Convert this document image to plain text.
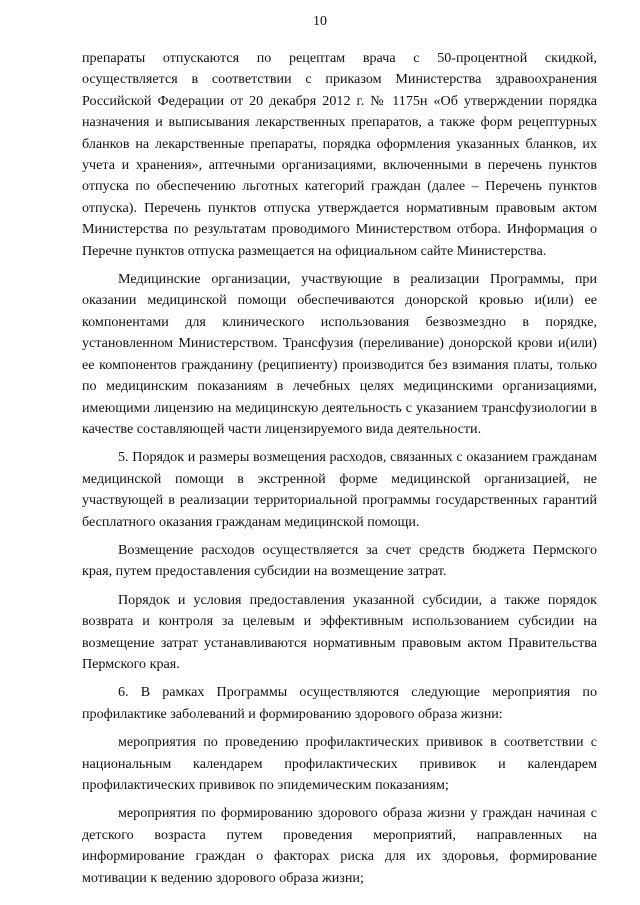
10

препараты отпускаются по рецептам врача с 50-процентной скидкой, осуществляется в соответствии с приказом Министерства здравоохранения Российской Федерации от 20 декабря 2012 г. № 1175н «Об утверждении порядка назначения и выписывания лекарственных препаратов, а также форм рецептурных бланков на лекарственные препараты, порядка оформления указанных бланков, их учета и хранения», аптечными организациями, включенными в перечень пунктов отпуска по обеспечению льготных категорий граждан (далее – Перечень пунктов отпуска). Перечень пунктов отпуска утверждается нормативным правовым актом Министерства по результатам проводимого Министерством отбора. Информация о Перечне пунктов отпуска размещается на официальном сайте Министерства.

Медицинские организации, участвующие в реализации Программы, при оказании медицинской помощи обеспечиваются донорской кровью и(или) ее компонентами для клинического использования безвозмездно в порядке, установленном Министерством. Трансфузия (переливание) донорской крови и(или) ее компонентов гражданину (реципиенту) производится без взимания платы, только по медицинским показаниям в лечебных целях медицинскими организациями, имеющими лицензию на медицинскую деятельность с указанием трансфузиологии в качестве составляющей части лицензируемого вида деятельности.

5. Порядок и размеры возмещения расходов, связанных с оказанием гражданам медицинской помощи в экстренной форме медицинской организацией, не участвующей в реализации территориальной программы государственных гарантий бесплатного оказания гражданам медицинской помощи.

Возмещение расходов осуществляется за счет средств бюджета Пермского края, путем предоставления субсидии на возмещение затрат.

Порядок и условия предоставления указанной субсидии, а также порядок возврата и контроля за целевым и эффективным использованием субсидии на возмещение затрат устанавливаются нормативным правовым актом Правительства Пермского края.

6. В рамках Программы осуществляются следующие мероприятия по профилактике заболеваний и формированию здорового образа жизни:

мероприятия по проведению профилактических прививок в соответствии с национальным календарем профилактических прививок и календарем профилактических прививок по эпидемическим показаниям;

мероприятия по формированию здорового образа жизни у граждан начиная с детского возраста путем проведения мероприятий, направленных на информирование граждан о факторах риска для их здоровья, формирование мотивации к ведению здорового образа жизни;
